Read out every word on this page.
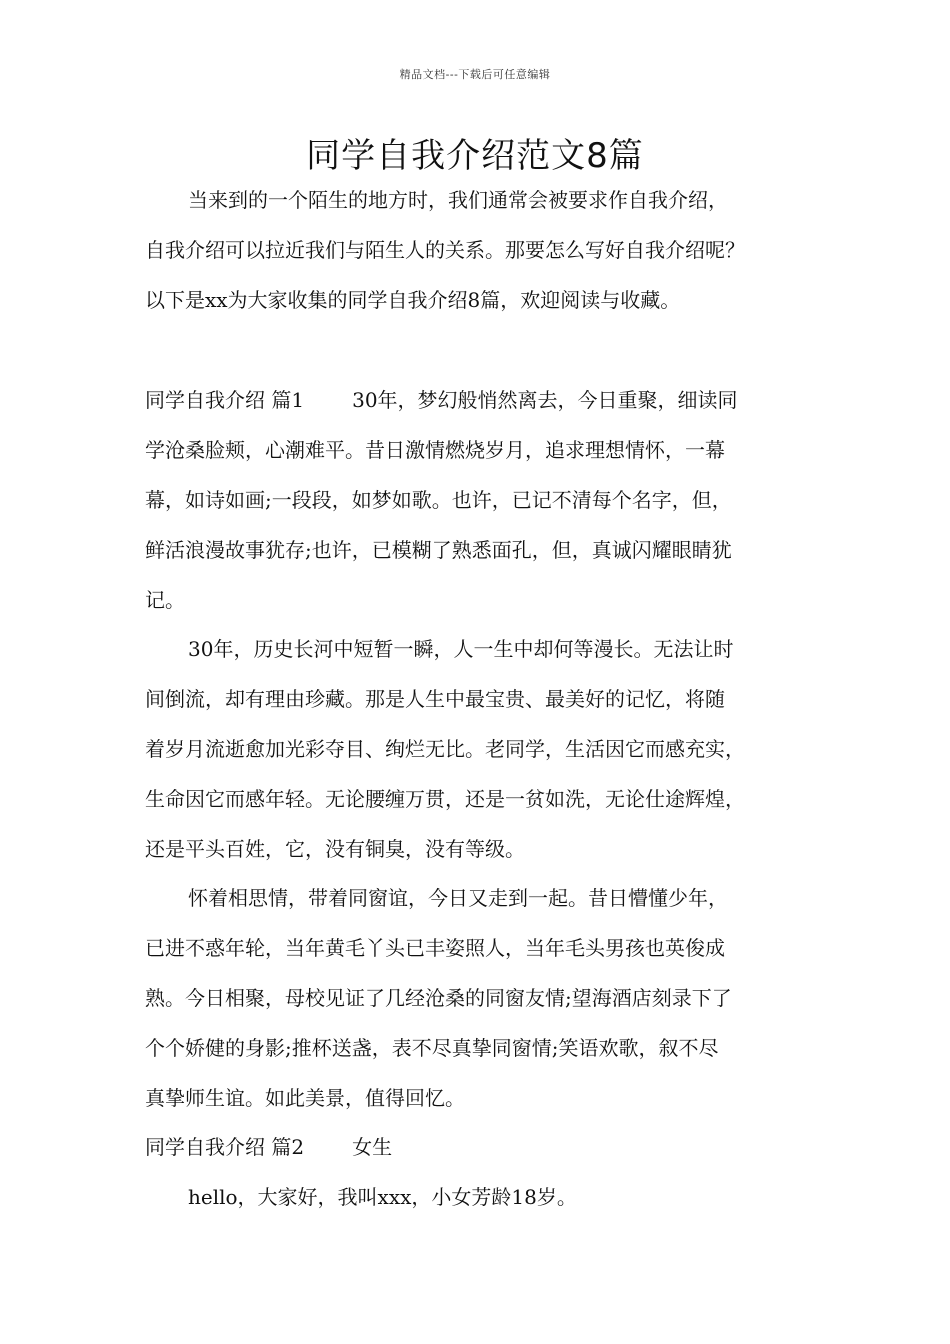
精品文档---下载后可任意编辑
同学自我介绍范文8篇

当来到的一个陌生的地方时，我们通常会被要求作自我介绍，

自我介绍可以拉近我们与陌生人的关系。那要怎么写好自我介绍呢？

以下是xx为大家收集的同学自我介绍8篇，欢迎阅读与收藏。

同学自我介绍 篇1 30年，梦幻般悄然离去，今日重聚，细读同

学沧桑脸颊，心潮难平。昔日激情燃烧岁月，追求理想情怀，一幕

幕，如诗如画;一段段，如梦如歌。也许，已记不清每个名字，但，

鲜活浪漫故事犹存;也许，已模糊了熟悉面孔，但，真诚闪耀眼睛犹

记。

30年，历史长河中短暂一瞬，人一生中却何等漫长。无法让时

间倒流，却有理由珍藏。那是人生中最宝贵、最美好的记忆，将随

着岁月流逝愈加光彩夺目、绚烂无比。老同学，生活因它而感充实，

生命因它而感年轻。无论腰缠万贯，还是一贫如洗，无论仕途辉煌，

还是平头百姓，它，没有铜臭，没有等级。

怀着相思情，带着同窗谊，今日又走到一起。昔日懵懂少年，

已进不惑年轮，当年黄毛丫头已丰姿照人，当年毛头男孩也英俊成

熟。今日相聚，母校见证了几经沧桑的同窗友情;望海酒店刻录下了

个个娇健的身影;推杯送盏，表不尽真挚同窗情;笑语欢歌，叙不尽

真挚师生谊。如此美景，值得回忆。

同学自我介绍 篇2 女生

hello，大家好，我叫xxx，小女芳龄18岁。
